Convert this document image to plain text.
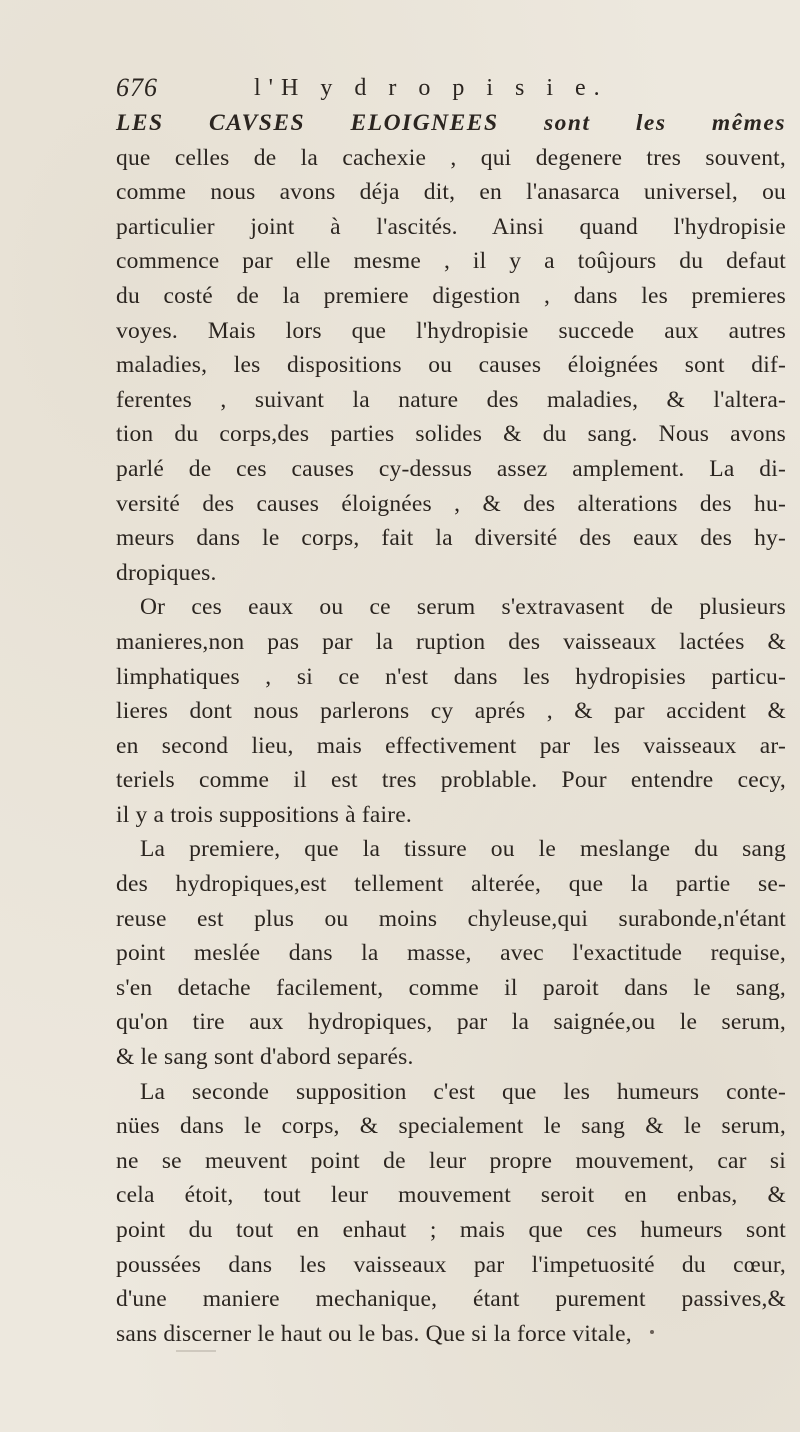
676	l'H y d r o p i s i e.
LES CAVSES ELOIGNEES sont les mêmes
que celles de la cachexie , qui degenere tres souvent,
comme nous avons déja dit, en l'anasarca universel, ou
particulier joint à l'ascités. Ainsi quand l'hydropisie
commence par elle mesme , il y a toûjours du defaut
du costé de la premiere digestion , dans les premieres
voyes. Mais lors que l'hydropisie succede aux autres
maladies, les dispositions ou causes éloignées sont dif-
ferentes , suivant la nature des maladies, & l'altera-
tion du corps,des parties solides & du sang. Nous avons
parlé de ces causes cy-dessus assez amplement. La di-
versité des causes éloignées , & des alterations des hu-
meurs dans le corps, fait la diversité des eaux des hy-
dropiques.
Or ces eaux ou ce serum s'extravasent de plusieurs
manieres,non pas par la ruption des vaisseaux lactées &
limphatiques , si ce n'est dans les hydropisies particu-
lieres dont nous parlerons cy aprés , & par accident &
en second lieu, mais effectivement par les vaisseaux ar-
teriels comme il est tres problable. Pour entendre cecy,
il y a trois suppositions à faire.
La premiere, que la tissure ou le meslange du sang
des hydropiques,est tellement alterée, que la partie se-
reuse est plus ou moins chyleuse,qui surabonde,n'étant
point meslée dans la masse, avec l'exactitude requise,
s'en detache facilement, comme il paroit dans le sang,
qu'on tire aux hydropiques, par la saignée,ou le serum,
& le sang sont d'abord separés.
La seconde supposition c'est que les humeurs conte-
nües dans le corps, & specialement le sang & le serum,
ne se meuvent point de leur propre mouvement, car si
cela étoit, tout leur mouvement seroit en enbas, &
point du tout en enhaut ; mais que ces humeurs sont
poussées dans les vaisseaux par l'impetuosité du cœur,
d'une maniere mechanique, étant purement passives,&
sans discerner le haut ou le bas. Que si la force vitale,
